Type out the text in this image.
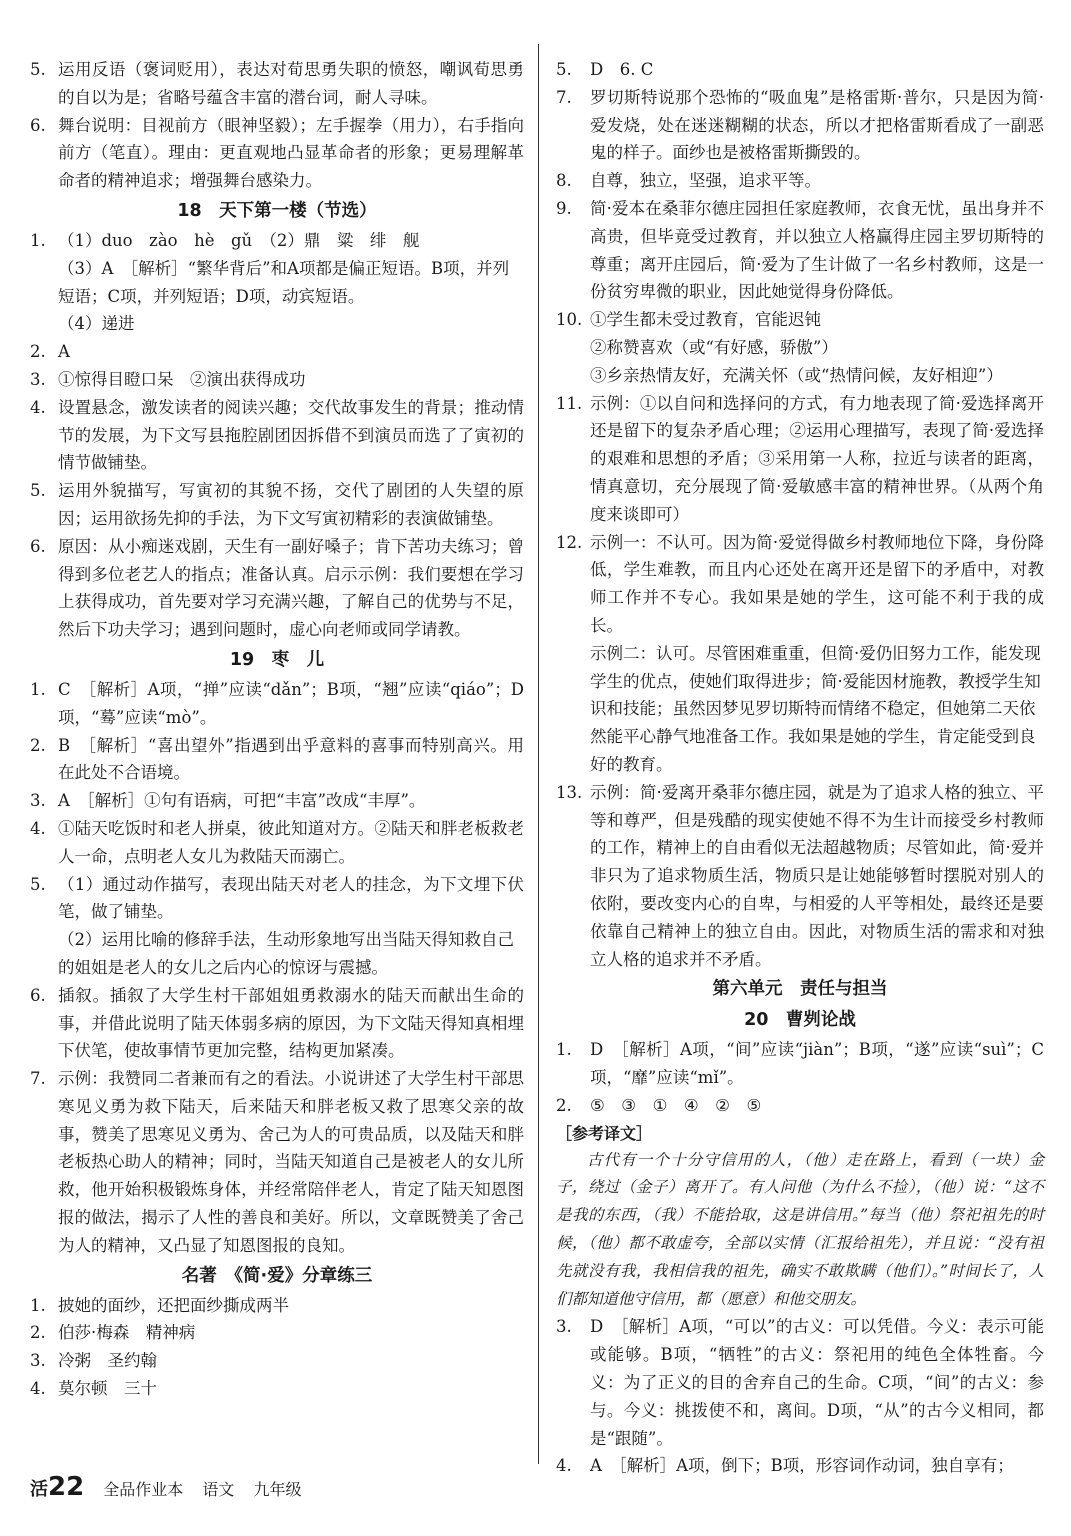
5. 运用反语（褒词贬用），表达对荀思勇失职的愤怒，嘲讽荀思勇的自以为是；省略号蕴含丰富的潜台词，耐人寻味。
6. 舞台说明：目视前方（眼神坚毅）；左手握拳（用力），右手指向前方（笔直）。理由：更直观地凸显革命者的形象；更易理解革命者的精神追求；增强舞台感染力。
18　天下第一楼（节选）
1. （1）duo　zào　hè　gǔ　（2）鼎　粱　绯　舰
（3）A　［解析］“繁华背后”和A项都是偏正短语。B项，并列短语；C项，并列短语；D项，动宾短语。
（4）递进
2. A
3. ①惊得目瞪口呆　②演出获得成功
4. 设置悬念，激发读者的阅读兴趣；交代故事发生的背景；推动情节的发展，为下文写县拖腔剧团因拆借不到演员而选了了寅初的情节做铺垫。
5. 运用外貌描写，写寅初的其貌不扬，交代了剧团的人失望的原因；运用欲扬先抑的手法，为下文写寅初精彩的表演做铺垫。
6. 原因：从小痴迷戏剧，天生有一副好嗓子；肯下苦功夫练习；曾得到多位老艺人的指点；准备认真。启示示例：我们要想在学习上获得成功，首先要对学习充满兴趣，了解自己的优势与不足，然后下功夫学习；遇到问题时，虚心向老师或同学请教。
19　枣　儿
1. C　［解析］A项，“掸”应读“dǎn”；B项，“翘”应读“qiáo”；D项，“蓦”应读“mò”。
2. B　［解析］“喜出望外”指遇到出乎意料的喜事而特别高兴。用在此处不合语境。
3. A　［解析］①句有语病，可把“丰富”改成“丰厚”。
4. ①陆天吃饭时和老人拼桌，彼此知道对方。②陆天和胖老板救老人一命，点明老人女儿为救陆天而溺亡。
5. （1）通过动作描写，表现出陆天对老人的挂念，为下文埋下伏笔，做了铺垫。
（2）运用比喻的修辞手法，生动形象地写出当陆天得知救自己的姐姐是老人的女儿之后内心的惊讶与震撼。
6. 插叙。插叙了大学生村干部姐姐勇救溺水的陆天而献出生命的事，并借此说明了陆天体弱多病的原因，为下文陆天得知真相埋下伏笔，使故事情节更加完整，结构更加紧凑。
7. 示例：我赞同二者兼而有之的看法。小说讲述了大学生村干部思寒见义勇为救下陆天，后来陆天和胖老板又救了思寒父亲的故事，赞美了思寒见义勇为、舍己为人的可贵品质，以及陆天和胖老板热心助人的精神；同时，当陆天知道自己是被老人的女儿所救，他开始积极锻炼身体，并经常陪伴老人，肯定了陆天知恩图报的做法，揭示了人性的善良和美好。所以，文章既赞美了舍己为人的精神，又凸显了知恩图报的良知。
名著　《简·爱》分章练三
1. 披她的面纱，还把面纱撕成两半
2. 伯莎·梅森　精神病
3. 冷粥　圣约翰
4. 莫尔顿　三十
5. D　6. C
7. 罗切斯特说那个恐怖的“吸血鬼”是格雷斯·普尔，只是因为简·爱发烧，处在迷迷糊糊的状态，所以才把格雷斯看成了一副恶鬼的样子。面纱也是被格雷斯撕毁的。
8. 自尊，独立，坚强，追求平等。
9. 简·爱本在桑菲尔德庄园担任家庭教师，衣食无忧，虽出身并不高贵，但毕竟受过教育，并以独立人格赢得庄园主罗切斯特的尊重；离开庄园后，简·爱为了生计做了一名乡村教师，这是一份贫穷卑微的职业，因此她觉得身份降低。
10. ①学生都未受过教育，官能迟钝
②称赞喜欢（或“有好感，骄傲”）
③乡亲热情友好，充满关怀（或“热情问候，友好相迎”）
11. 示例：①以自问和选择问的方式，有力地表现了简·爱选择离开还是留下的复杂矛盾心理；②运用心理描写，表现了简·爱选择的艰难和思想的矛盾；③采用第一人称，拉近与读者的距离，情真意切，充分展现了简·爱敏感丰富的精神世界。（从两个角度来谈即可）
12. 示例一：不认可。因为简·爱觉得做乡村教师地位下降，身份降低，学生难教，而且内心还处在离开还是留下的矛盾中，对教师工作并不专心。我如果是她的学生，这可能不利于我的成长。
示例二：认可。尽管困难重重，但简·爱仍旧努力工作，能发现学生的优点，使她们取得进步；简·爱能因材施教，教授学生知识和技能；虽然因梦见罗切斯特而情绪不稳定，但她第二天依然能平心静气地准备工作。我如果是她的学生，肯定能受到良好的教育。
13. 示例：简·爱离开桑菲尔德庄园，就是为了追求人格的独立、平等和尊严，但是残酷的现实使她不得不为生计而接受乡村教师的工作，精神上的自由看似无法超越物质；尽管如此，简·爱并非只为了追求物质生活，物质只是让她能够暂时摆脱对别人的依附，要改变内心的自卑，与相爱的人平等相处，最终还是要依靠自己精神上的独立自由。因此，对物质生活的需求和对独立人格的追求并不矛盾。
第六单元　责任与担当
20　曹刿论战
1. D　［解析］A项，“间”应读“jiàn”；B项，“遂”应读“suì”；C项，“靡”应读“mǐ”。
2. ⑤　③　①　④　②　⑤
［参考译文］
古代有一个十分守信用的人，（他）走在路上，看到（一块）金子，绕过（金子）离开了。有人问他（为什么不捡），（他）说：“这不是我的东西，（我）不能拾取，这是讲信用。”每当（他）祭祀祖先的时候，（他）都不敢虚夸，全部以实情（汇报给祖先），并且说：“没有祖先就没有我，我相信我的祖先，确实不敢欺瞒（他们）。”时间长了，人们都知道他守信用，都（愿意）和他交朋友。
3. D　［解析］A项，“可以”的古义：可以凭借。今义：表示可能或能够。B项，“牺牲”的古义：祭祀用的纯色全体牲畜。今义：为了正义的目的舍弃自己的生命。C项，“间”的古义：参与。今义：挑拨使不和，离间。D项，“从”的古今义相同，都是“跟随”。
4. A　［解析］A项，倒下；B项，形容词作动词，独自享有；
活22 全品作业本 语文 九年级
